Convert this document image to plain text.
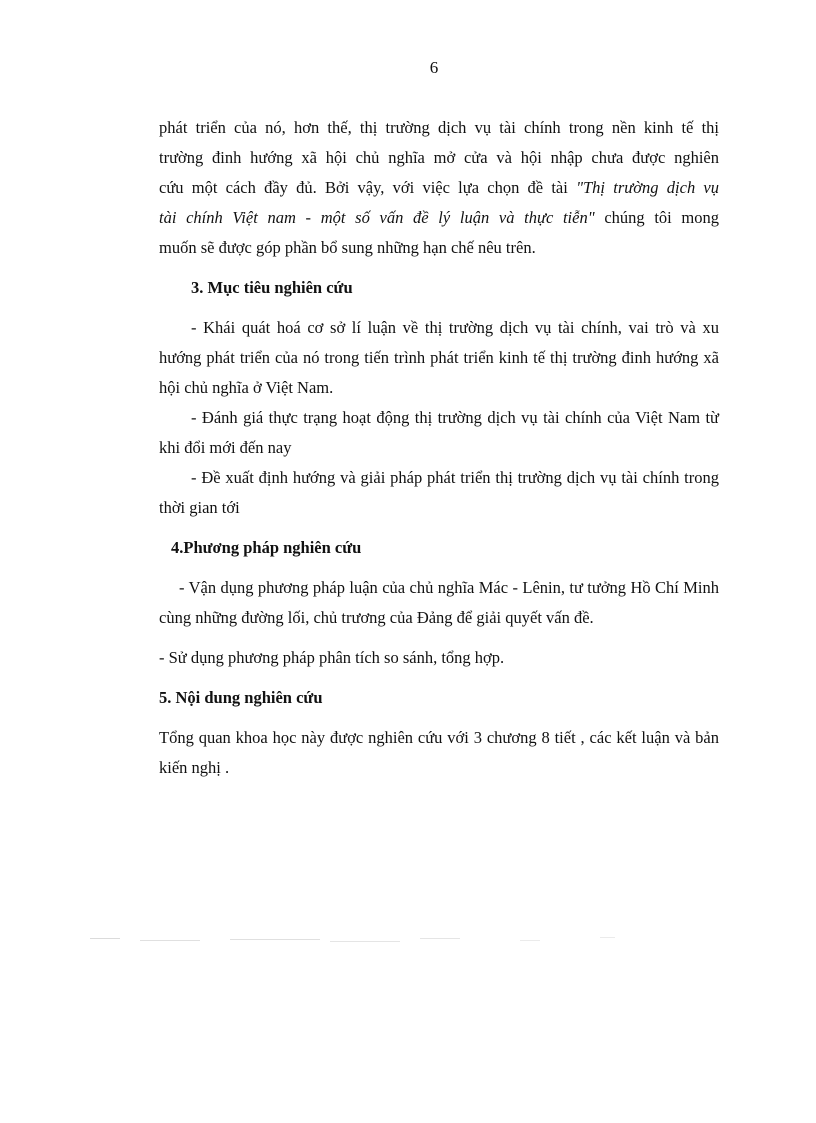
6

phát triển của nó, hơn thế, thị trường dịch vụ tài chính trong nền kinh tế thị

trường đinh hướng xã hội chủ nghĩa mở cửa và hội nhập chưa được nghiên

cứu một cách đầy đủ. Bởi vậy, với việc lựa chọn đề tài "Thị trường dịch vụ

tài chính Việt nam - một số vấn đề lý luận và thực tiễn" chúng tôi mong

muốn sẽ được góp phần bổ sung những hạn chế nêu trên.

3. Mục tiêu nghiên cứu

- Khái quát hoá cơ sở lí luận về thị trường dịch vụ tài chính, vai trò và xu hướng phát triển của nó trong tiến trình phát triển kinh tế thị trường đinh hướng xã hội chủ nghĩa ở Việt Nam.

- Đánh giá thực trạng hoạt động thị trường dịch vụ tài chính của Việt Nam từ khi đổi mới đến nay

- Đề xuất định hướng và giải pháp phát triển thị trường dịch vụ tài chính trong thời gian tới

4.Phương pháp nghiên cứu

- Vận dụng phương pháp luận của chủ nghĩa Mác - Lênin, tư tưởng Hồ Chí Minh cùng những đường lối, chủ trương của Đảng để giải quyết vấn đề.

- Sử dụng phương pháp phân tích so sánh, tổng hợp.

5. Nội dung nghiên cứu

Tổng quan khoa học này được nghiên cứu với 3 chương 8 tiết , các kết luận và bản kiến nghị .
